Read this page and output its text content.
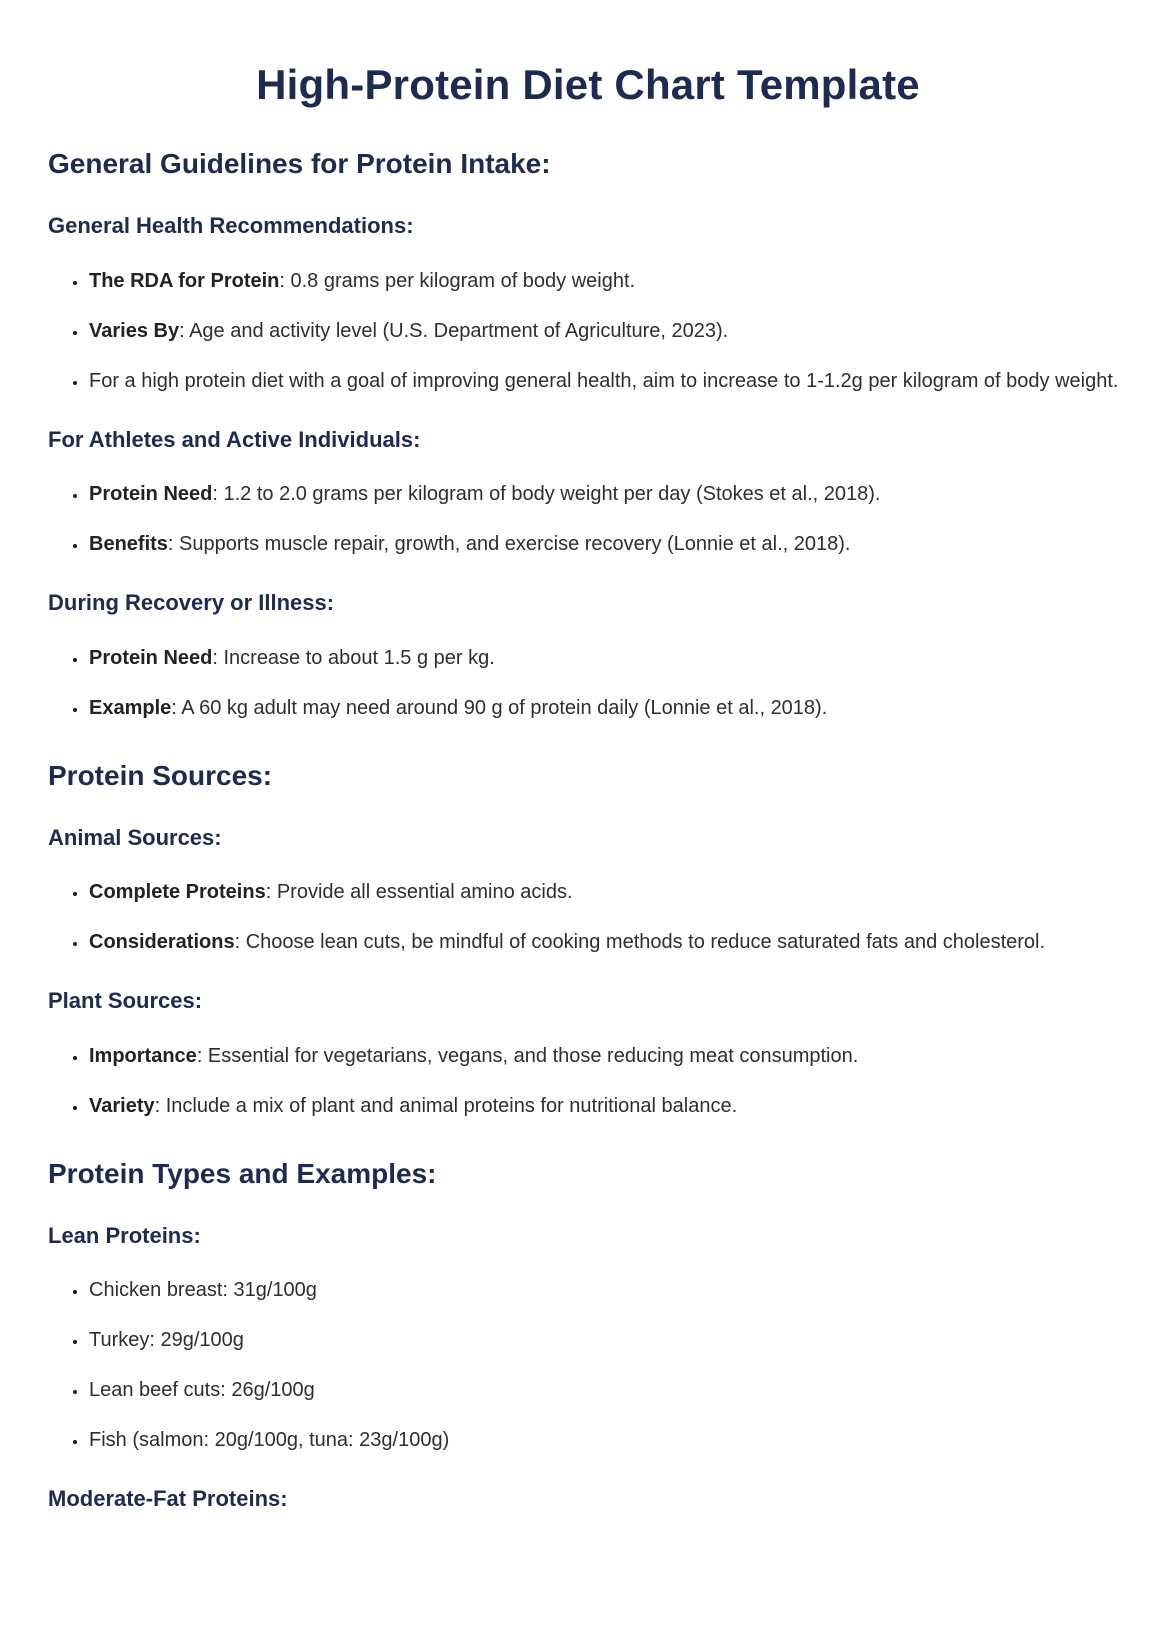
High-Protein Diet Chart Template
General Guidelines for Protein Intake:
General Health Recommendations:
• The RDA for Protein: 0.8 grams per kilogram of body weight.
• Varies By: Age and activity level (U.S. Department of Agriculture, 2023).
• For a high protein diet with a goal of improving general health, aim to increase to 1-1.2g per kilogram of body weight.
For Athletes and Active Individuals:
• Protein Need: 1.2 to 2.0 grams per kilogram of body weight per day (Stokes et al., 2018).
• Benefits: Supports muscle repair, growth, and exercise recovery (Lonnie et al., 2018).
During Recovery or Illness:
• Protein Need: Increase to about 1.5 g per kg.
• Example: A 60 kg adult may need around 90 g of protein daily (Lonnie et al., 2018).
Protein Sources:
Animal Sources:
• Complete Proteins: Provide all essential amino acids.
• Considerations: Choose lean cuts, be mindful of cooking methods to reduce saturated fats and cholesterol.
Plant Sources:
• Importance: Essential for vegetarians, vegans, and those reducing meat consumption.
• Variety: Include a mix of plant and animal proteins for nutritional balance.
Protein Types and Examples:
Lean Proteins:
• Chicken breast: 31g/100g
• Turkey: 29g/100g
• Lean beef cuts: 26g/100g
• Fish (salmon: 20g/100g, tuna: 23g/100g)
Moderate-Fat Proteins:
